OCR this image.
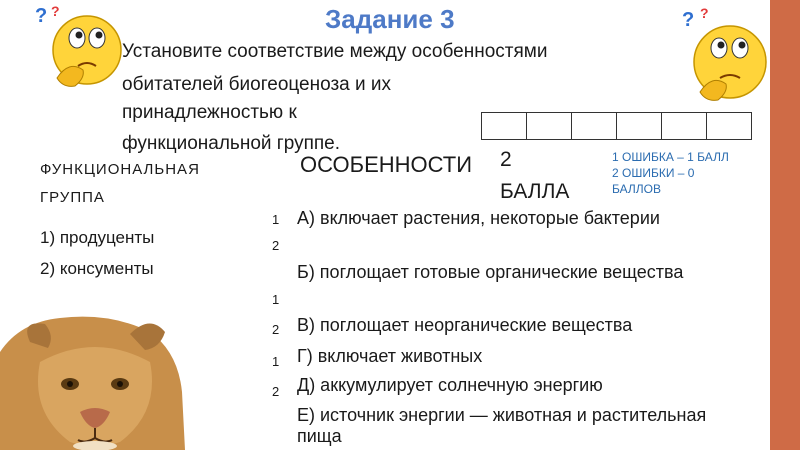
? ?	? ?
Задание 3
Установите соответствие между особенностями
обитателей биогеоценоза и их
принадлежностью к
функциональной группе.
1 ОШИБКА – 1 БАЛЛ
2 ОШИБКИ – 0
БАЛЛОВ
ФУНКЦИОНАЛЬНАЯ
ГРУППА
ОСОБЕННОСТИ 2
БАЛЛА
1) продуценты
2) консументы
1
2
1
2
1
2
А) включает растения, некоторые бактерии
Б) поглощает готовые органические вещества
В) поглощает неорганические вещества
Г) включает животных
Д) аккумулирует солнечную энергию
Е) источник энергии — животная и растительная пища
